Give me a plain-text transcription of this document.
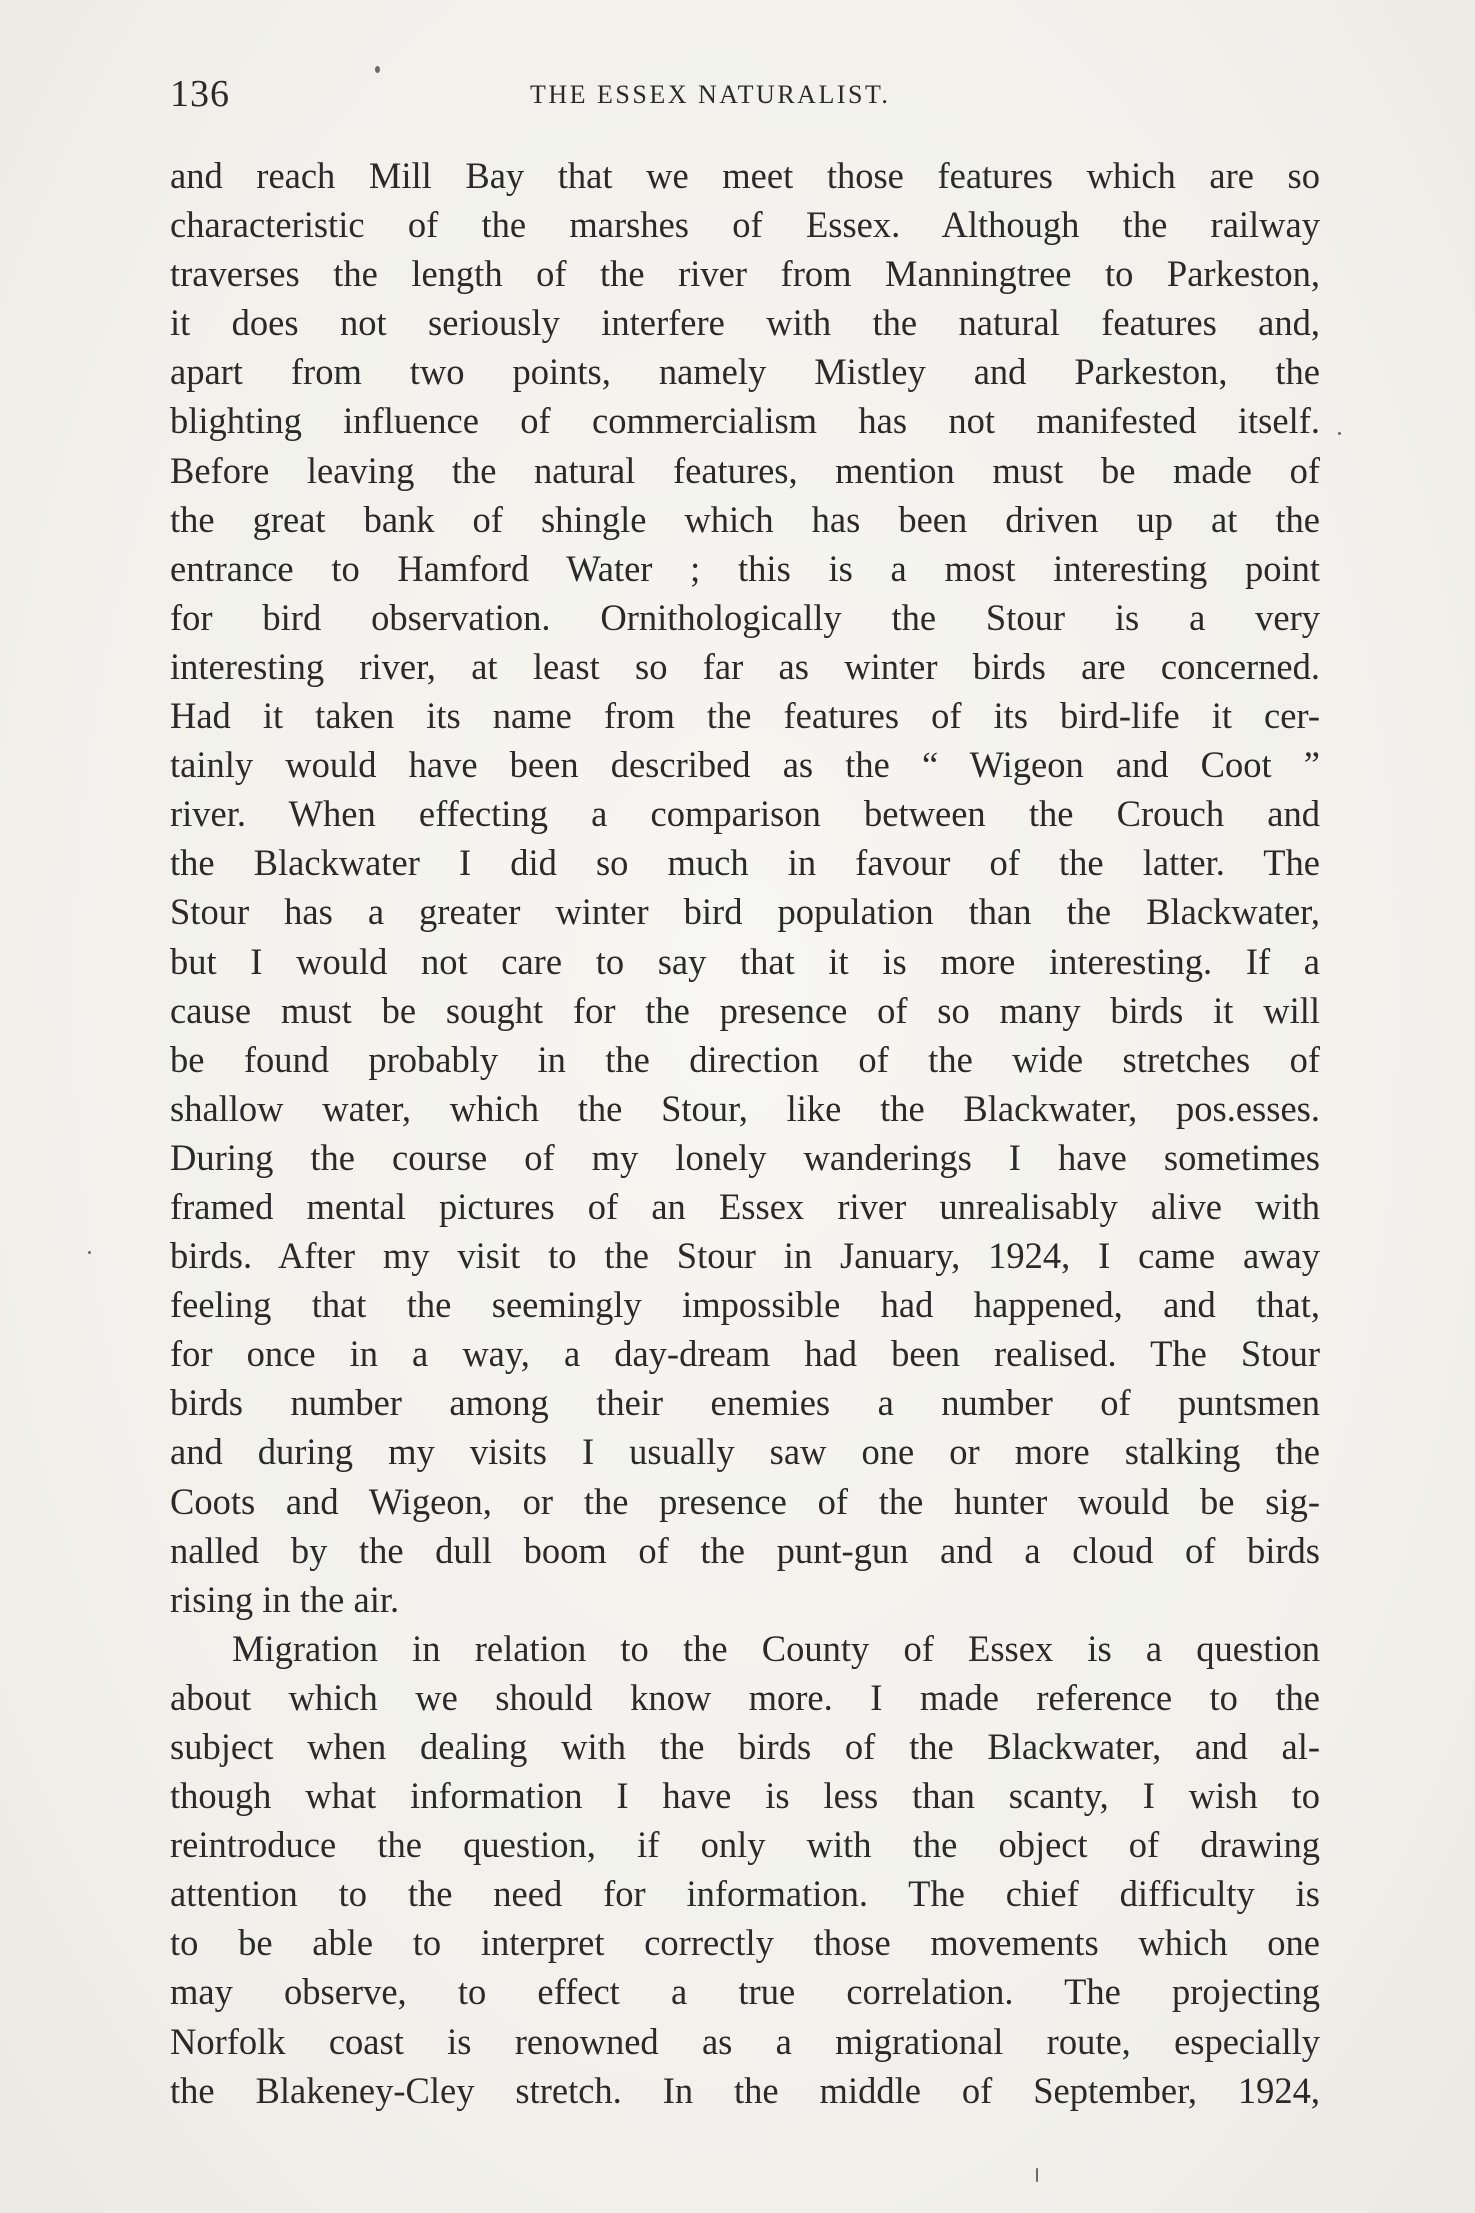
136	THE ESSEX NATURALIST.
and reach Mill Bay that we meet those features which are so
characteristic of the marshes of Essex. Although the railway
traverses the length of the river from Manningtree to Parkeston,
it does not seriously interfere with the natural features and,
apart from two points, namely Mistley and Parkeston, the
blighting influence of commercialism has not manifested itself.
Before leaving the natural features, mention must be made of
the great bank of shingle which has been driven up at the
entrance to Hamford Water ; this is a most interesting point
for bird observation. Ornithologically the Stour is a very
interesting river, at least so far as winter birds are concerned.
Had it taken its name from the features of its bird-life it cer-
tainly would have been described as the “ Wigeon and Coot ”
river. When effecting a comparison between the Crouch and
the Blackwater I did so much in favour of the latter. The
Stour has a greater winter bird population than the Blackwater,
but I would not care to say that it is more interesting. If a
cause must be sought for the presence of so many birds it will
be found probably in the direction of the wide stretches of
shallow water, which the Stour, like the Blackwater, pos.esses.
During the course of my lonely wanderings I have sometimes
framed mental pictures of an Essex river unrealisably alive with
birds. After my visit to the Stour in January, 1924, I came away
feeling that the seemingly impossible had happened, and that,
for once in a way, a day-dream had been realised. The Stour
birds number among their enemies a number of puntsmen
and during my visits I usually saw one or more stalking the
Coots and Wigeon, or the presence of the hunter would be sig-
nalled by the dull boom of the punt-gun and a cloud of birds
rising in the air.
Migration in relation to the County of Essex is a question
about which we should know more. I made reference to the
subject when dealing with the birds of the Blackwater, and al-
though what information I have is less than scanty, I wish to
reintroduce the question, if only with the object of drawing
attention to the need for information. The chief difficulty is
to be able to interpret correctly those movements which one
may observe, to effect a true correlation. The projecting
Norfolk coast is renowned as a migrational route, especially
the Blakeney-Cley stretch. In the middle of September, 1924,
